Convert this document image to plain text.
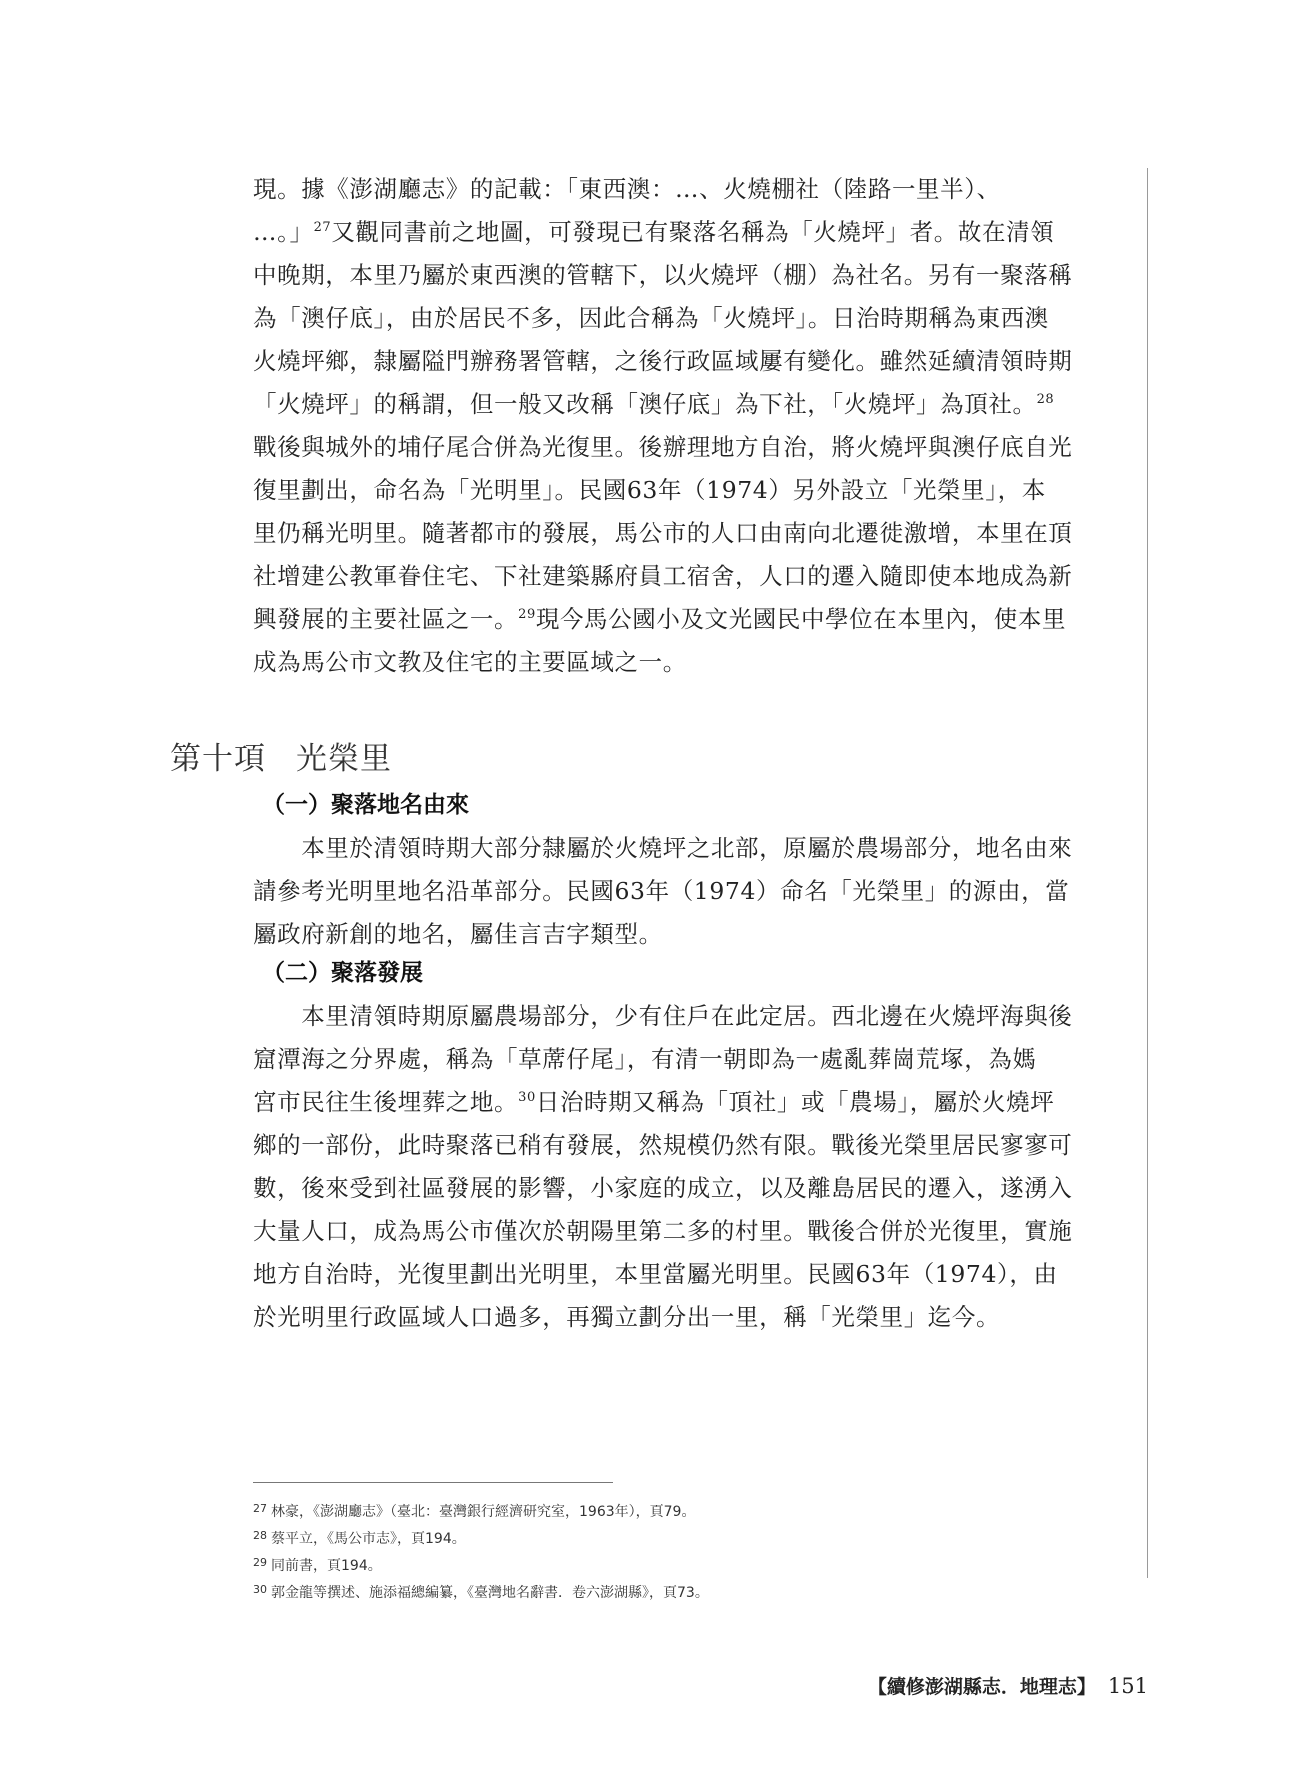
現。據《澎湖廳志》的記載：「東西澳：…、火燒棚社（陸路一里半）、
…。」$^{27}$又觀同書前之地圖，可發現已有聚落名稱為「火燒坪」者。故在清領
中晚期，本里乃屬於東西澳的管轄下，以火燒坪（棚）為社名。另有一聚落稱
為「澳仔底」，由於居民不多，因此合稱為「火燒坪」。日治時期稱為東西澳
火燒坪鄉，隸屬隘門辦務署管轄，之後行政區域屢有變化。雖然延續清領時期
「火燒坪」的稱謂，但一般又改稱「澳仔底」為下社，「火燒坪」為頂社。$^{28}$
戰後與城外的埔仔尾合併為光復里。後辦理地方自治，將火燒坪與澳仔底自光
復里劃出，命名為「光明里」。民國63年（1974）另外設立「光榮里」，本
里仍稱光明里。隨著都市的發展，馬公市的人口由南向北遷徙激增，本里在頂
社增建公教軍眷住宅、下社建築縣府員工宿舍，人口的遷入隨即使本地成為新
興發展的主要社區之一。$^{29}$現今馬公國小及文光國民中學位在本里內，使本里
成為馬公市文教及住宅的主要區域之一。
第十項 光榮里
（一）聚落地名由來
　　本里於清領時期大部分隸屬於火燒坪之北部，原屬於農場部分，地名由來
請參考光明里地名沿革部分。民國63年（1974）命名「光榮里」的源由，當
屬政府新創的地名，屬佳言吉字類型。
（二）聚落發展
　　本里清領時期原屬農場部分，少有住戶在此定居。西北邊在火燒坪海與後
窟潭海之分界處，稱為「草蓆仔尾」，有清一朝即為一處亂葬崗荒塚，為媽
宮市民往生後埋葬之地。$^{30}$日治時期又稱為「頂社」或「農場」，屬於火燒坪
鄉的一部份，此時聚落已稍有發展，然規模仍然有限。戰後光榮里居民寥寥可
數，後來受到社區發展的影響，小家庭的成立，以及離島居民的遷入，遂湧入
大量人口，成為馬公市僅次於朝陽里第二多的村里。戰後合併於光復里，實施
地方自治時，光復里劃出光明里，本里當屬光明里。民國63年（1974），由
於光明里行政區域人口過多，再獨立劃分出一里，稱「光榮里」迄今。
$^{27}$ 林豪，《澎湖廳志》（臺北：臺灣銀行經濟研究室，1963年），頁79。
$^{28}$ 蔡平立，《馬公市志》，頁194。
$^{29}$ 同前書，頁194。
$^{30}$ 郭金龍等撰述、施添福總編纂，《臺灣地名辭書．卷六澎湖縣》，頁73。
【續修澎湖縣志．地理志】 151
